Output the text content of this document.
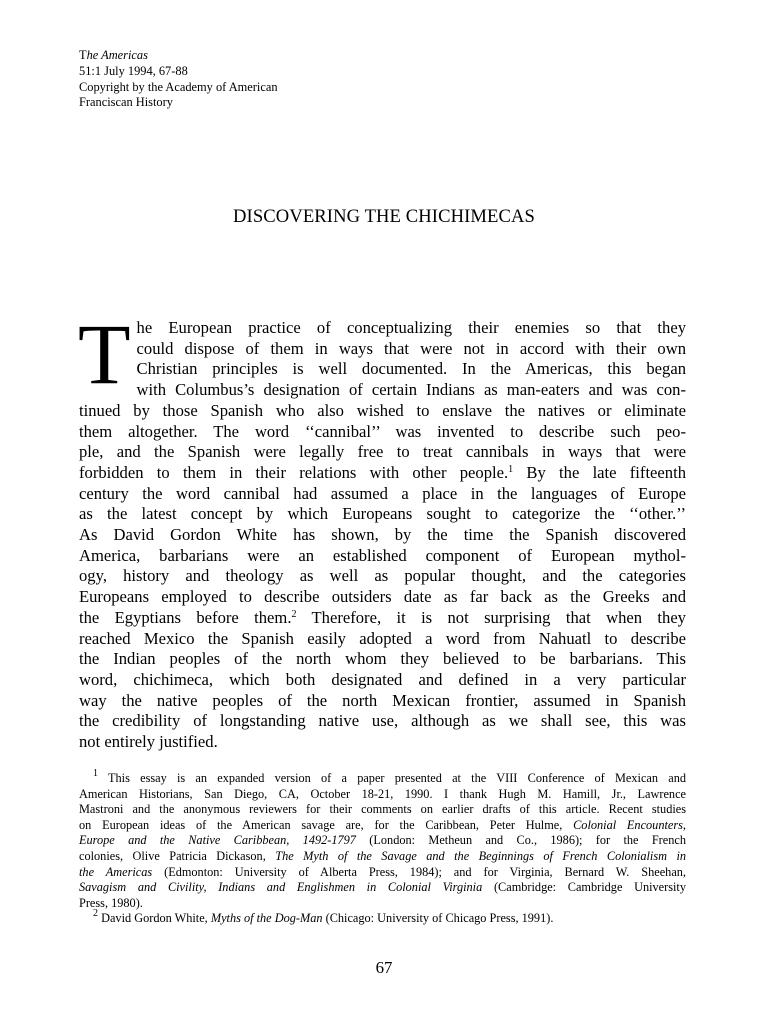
The Americas
51:1 July 1994, 67-88
Copyright by the Academy of American
Franciscan History
DISCOVERING THE CHICHIMECAS
T he European practice of conceptualizing their enemies so that they
could dispose of them in ways that were not in accord with their own
Christian principles is well documented. In the Americas, this began
with Columbus’s designation of certain Indians as man-eaters and was con-
tinued by those Spanish who also wished to enslave the natives or eliminate
them altogether. The word ‘‘cannibal’’ was invented to describe such peo-
ple, and the Spanish were legally free to treat cannibals in ways that were
forbidden to them in their relations with other people.$^1$ By the late fifteenth
century the word cannibal had assumed a place in the languages of Europe
as the latest concept by which Europeans sought to categorize the ‘‘other.’’
As David Gordon White has shown, by the time the Spanish discovered
America, barbarians were an established component of European mythol-
ogy, history and theology as well as popular thought, and the categories
Europeans employed to describe outsiders date as far back as the Greeks and
the Egyptians before them.$^2$ Therefore, it is not surprising that when they
reached Mexico the Spanish easily adopted a word from Nahuatl to describe
the Indian peoples of the north whom they believed to be barbarians. This
word, chichimeca, which both designated and defined in a very particular
way the native peoples of the north Mexican frontier, assumed in Spanish
the credibility of longstanding native use, although as we shall see, this was
not entirely justified.
$^1$ This essay is an expanded version of a paper presented at the VIII Conference of Mexican and
American Historians, San Diego, CA, October 18-21, 1990. I thank Hugh M. Hamill, Jr., Lawrence
Mastroni and the anonymous reviewers for their comments on earlier drafts of this article. Recent studies
on European ideas of the American savage are, for the Caribbean, Peter Hulme, Colonial Encounters,
Europe and the Native Caribbean, 1492-1797 (London: Metheun and Co., 1986); for the French
colonies, Olive Patricia Dickason, The Myth of the Savage and the Beginnings of French Colonialism in
the Americas (Edmonton: University of Alberta Press, 1984); and for Virginia, Bernard W. Sheehan,
Savagism and Civility, Indians and Englishmen in Colonial Virginia (Cambridge: Cambridge University
Press, 1980).
$^2$ David Gordon White, Myths of the Dog-Man (Chicago: University of Chicago Press, 1991).
67
